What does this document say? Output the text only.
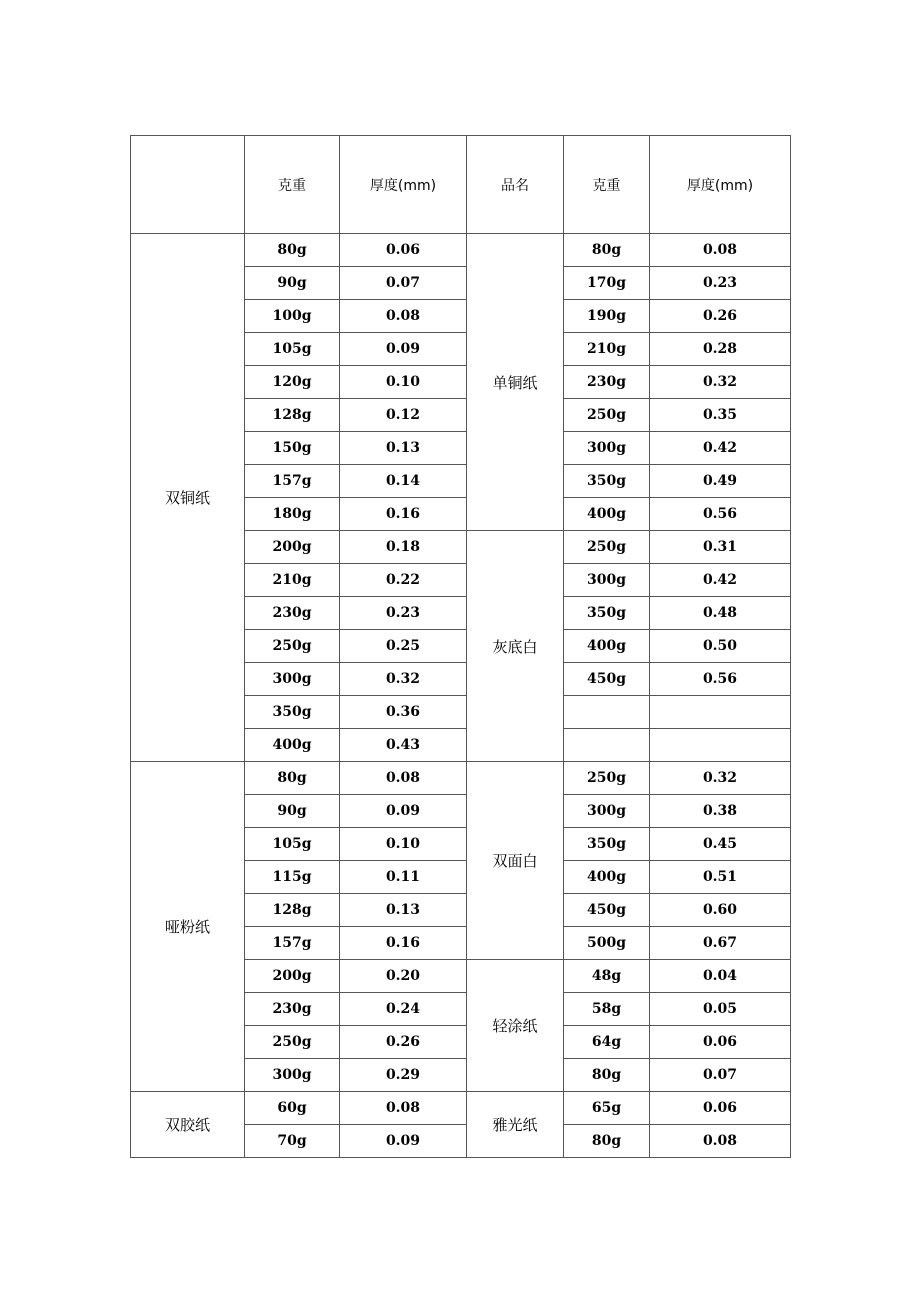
	克重	厚度(mm)	品名	克重	厚度(mm)
双铜纸	80g	0.06	单铜纸	80g	0.08
	90g	0.07		170g	0.23
	100g	0.08		190g	0.26
	105g	0.09		210g	0.28
	120g	0.10		230g	0.32
	128g	0.12		250g	0.35
	150g	0.13		300g	0.42
	157g	0.14		350g	0.49
	180g	0.16		400g	0.56
	200g	0.18	灰底白	250g	0.31
	210g	0.22		300g	0.42
	230g	0.23		350g	0.48
	250g	0.25		400g	0.50
	300g	0.32		450g	0.56
	350g	0.36			
	400g	0.43			
哑粉纸	80g	0.08	双面白	250g	0.32
	90g	0.09		300g	0.38
	105g	0.10		350g	0.45
	115g	0.11		400g	0.51
	128g	0.13		450g	0.60
	157g	0.16		500g	0.67
	200g	0.20	轻涂纸	48g	0.04
	230g	0.24		58g	0.05
	250g	0.26		64g	0.06
	300g	0.29		80g	0.07
双胶纸	60g	0.08	雅光纸	65g	0.06
	70g	0.09		80g	0.08
